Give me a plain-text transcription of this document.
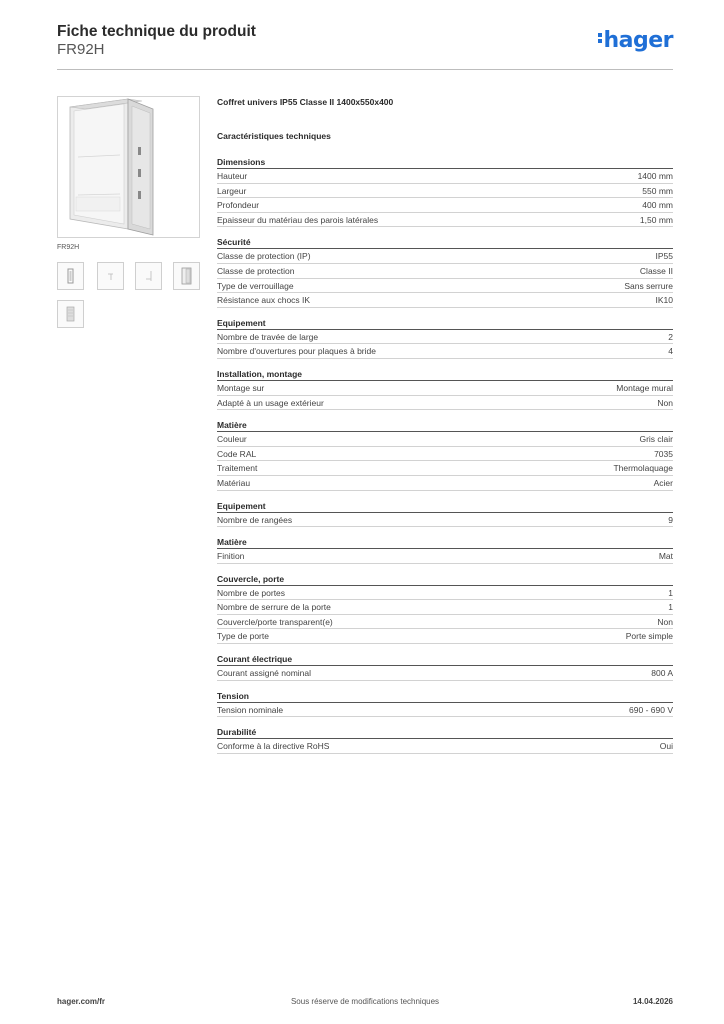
Fiche technique du produit
FR92H	hager
FR92H
Coffret univers IP55 Classe II 1400x550x400
Caractéristiques techniques
Dimensions
Hauteur	1400 mm
Largeur	550 mm
Profondeur	400 mm
Epaisseur du matériau des parois latérales	1,50 mm
Sécurité
Classe de protection (IP)	IP55
Classe de protection	Classe II
Type de verrouillage	Sans serrure
Résistance aux chocs IK	IK10
Equipement
Nombre de travée de large	2
Nombre d'ouvertures pour plaques à bride	4
Installation, montage
Montage sur	Montage mural
Adapté à un usage extérieur	Non
Matière
Couleur	Gris clair
Code RAL	7035
Traitement	Thermolaquage
Matériau	Acier
Equipement
Nombre de rangées	9
Matière
Finition	Mat
Couvercle, porte
Nombre de portes	1
Nombre de serrure de la porte	1
Couvercle/porte transparent(e)	Non
Type de porte	Porte simple
Courant électrique
Courant assigné nominal	800 A
Tension
Tension nominale	690 - 690 V
Durabilité
Conforme à la directive RoHS	Oui
hager.com/fr	Sous réserve de modifications techniques	14.04.2026
